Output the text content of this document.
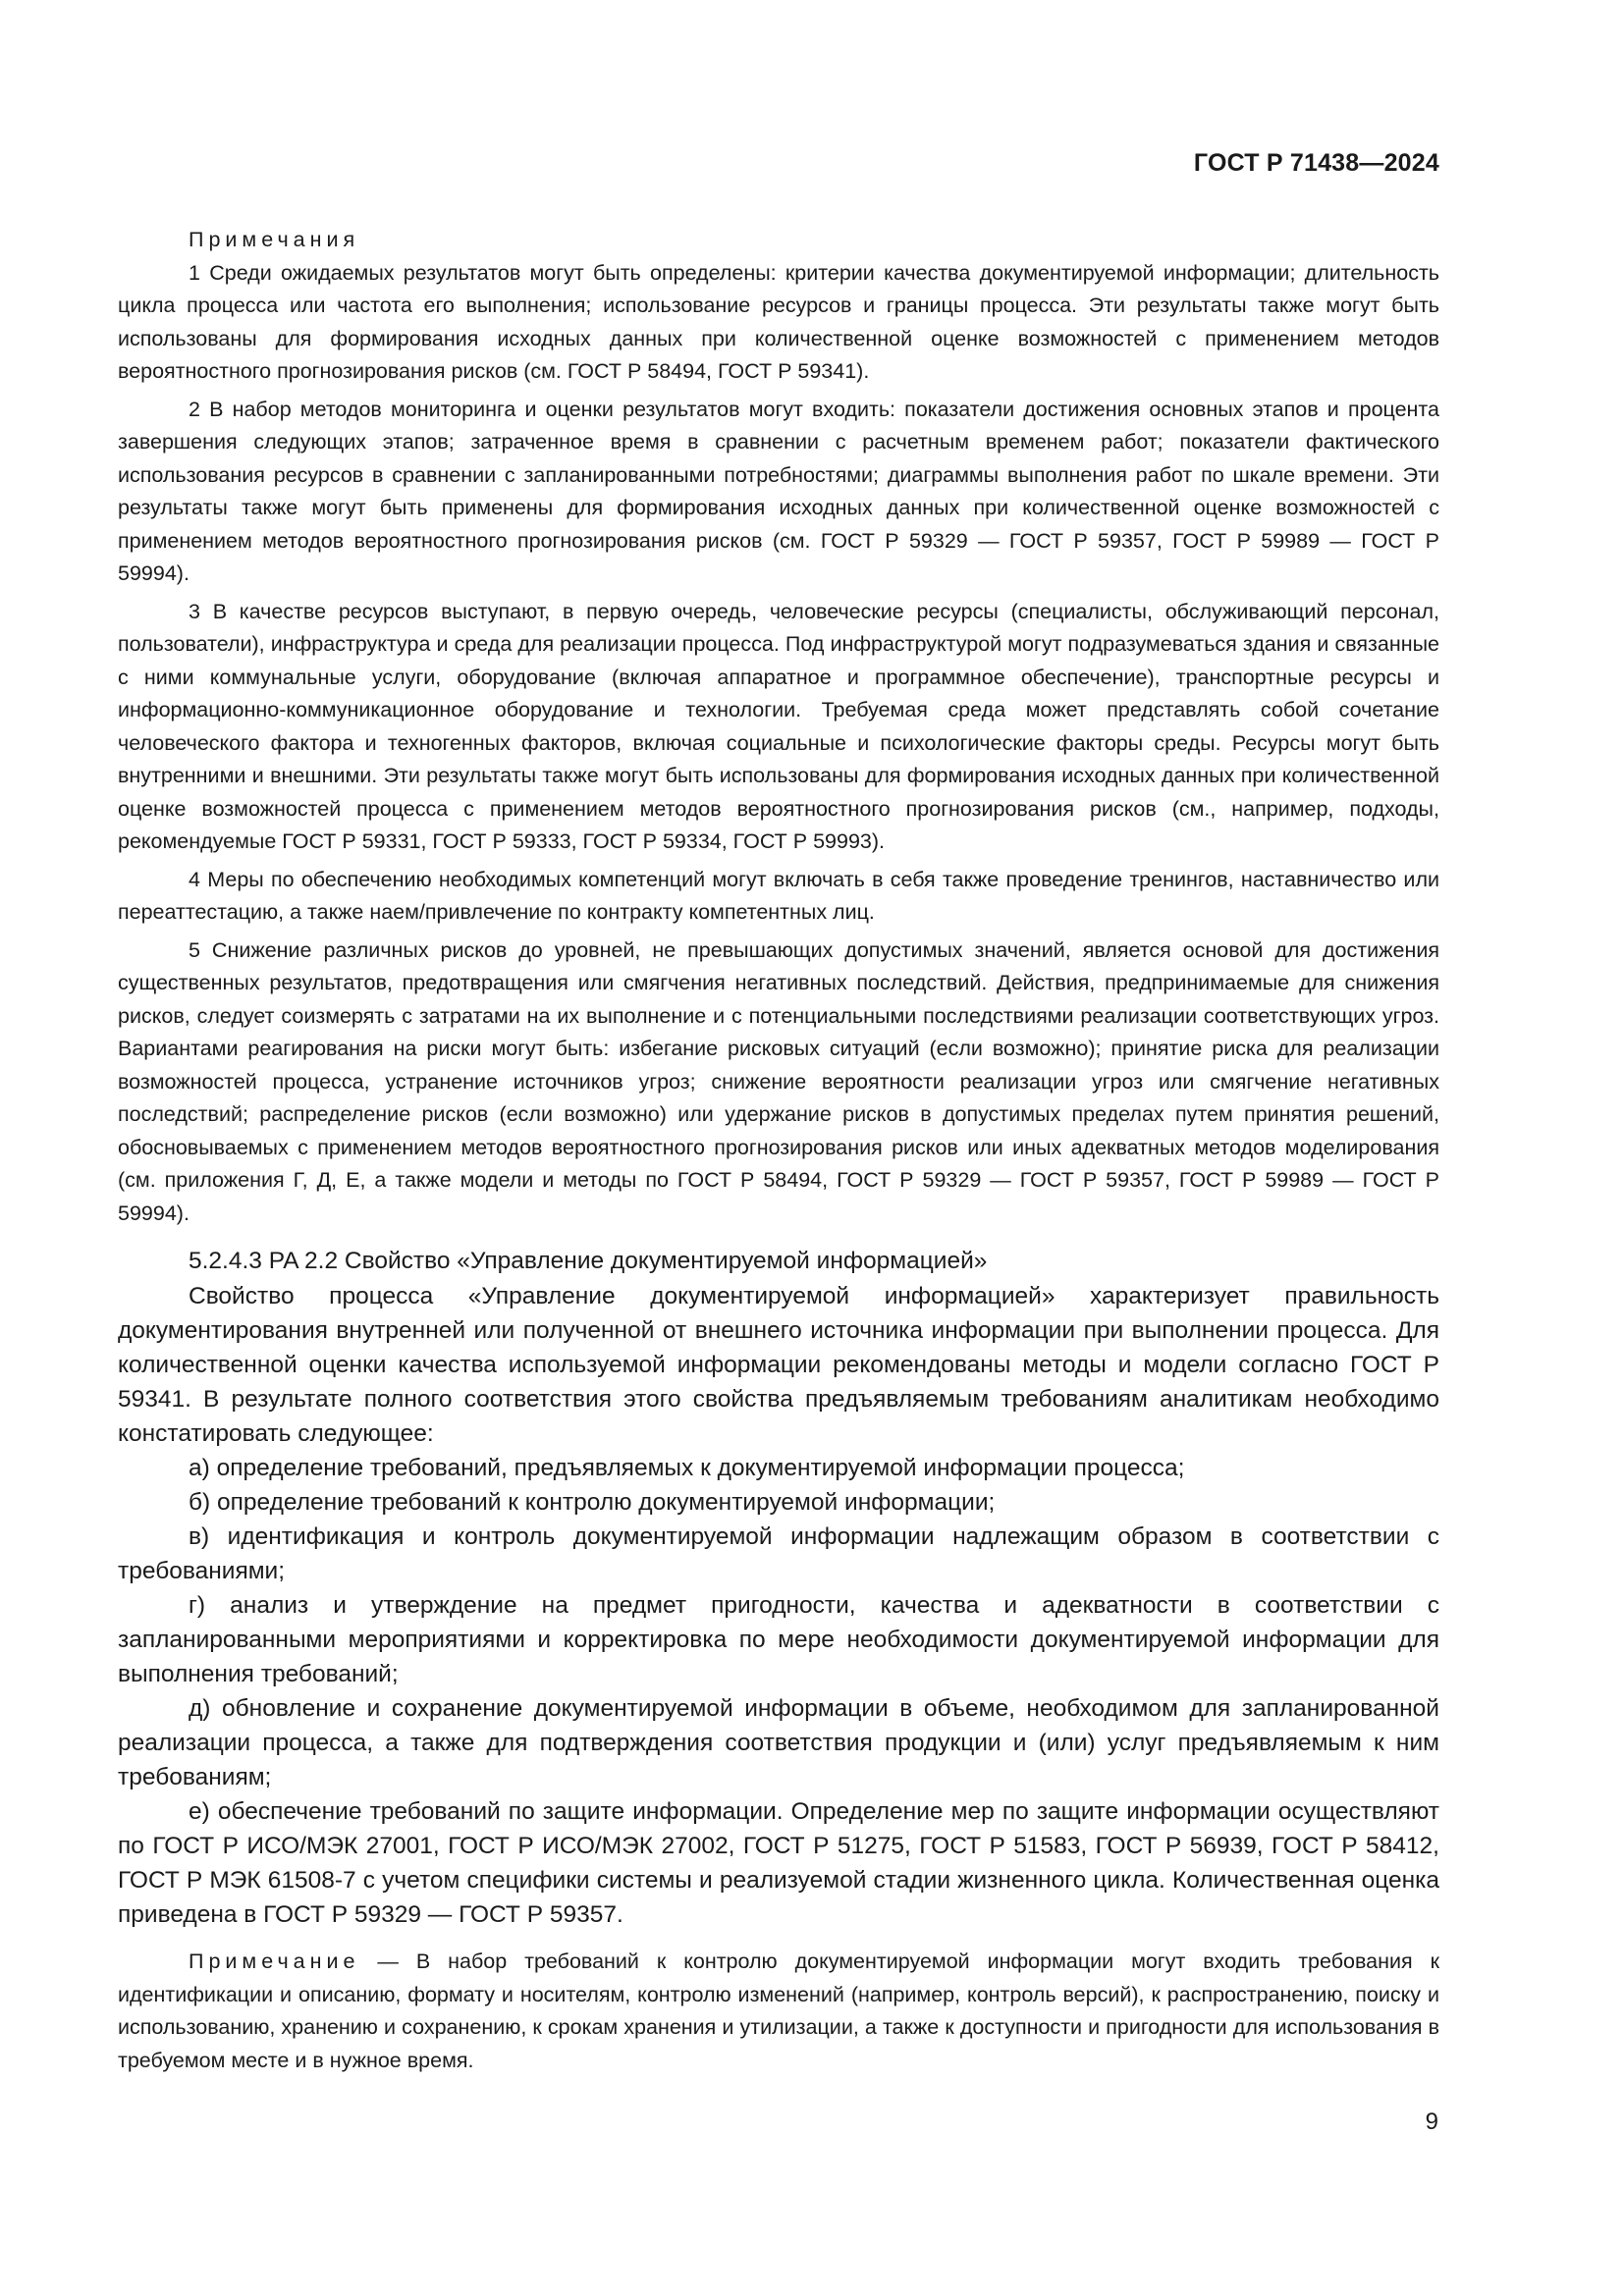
ГОСТ Р 71438—2024

Примечания

1 Среди ожидаемых результатов могут быть определены: критерии качества документируемой информации; длительность цикла процесса или частота его выполнения; использование ресурсов и границы процесса. Эти результаты также могут быть использованы для формирования исходных данных при количественной оценке возможностей с применением методов вероятностного прогнозирования рисков (см. ГОСТ Р 58494, ГОСТ Р 59341).

2 В набор методов мониторинга и оценки результатов могут входить: показатели достижения основных этапов и процента завершения следующих этапов; затраченное время в сравнении с расчетным временем работ; показатели фактического использования ресурсов в сравнении с запланированными потребностями; диаграммы выполнения работ по шкале времени. Эти результаты также могут быть применены для формирования исходных данных при количественной оценке возможностей с применением методов вероятностного прогнозирования рисков (см. ГОСТ Р 59329 — ГОСТ Р 59357, ГОСТ Р 59989 — ГОСТ Р 59994).

3 В качестве ресурсов выступают, в первую очередь, человеческие ресурсы (специалисты, обслуживающий персонал, пользователи), инфраструктура и среда для реализации процесса. Под инфраструктурой могут подразумеваться здания и связанные с ними коммунальные услуги, оборудование (включая аппаратное и программное обеспечение), транспортные ресурсы и информационно-коммуникационное оборудование и технологии. Требуемая среда может представлять собой сочетание человеческого фактора и техногенных факторов, включая социальные и психологические факторы среды. Ресурсы могут быть внутренними и внешними. Эти результаты также могут быть использованы для формирования исходных данных при количественной оценке возможностей процесса с применением методов вероятностного прогнозирования рисков (см., например, подходы, рекомендуемые ГОСТ Р 59331, ГОСТ Р 59333, ГОСТ Р 59334, ГОСТ Р 59993).

4 Меры по обеспечению необходимых компетенций могут включать в себя также проведение тренингов, наставничество или переаттестацию, а также наем/привлечение по контракту компетентных лиц.

5 Снижение различных рисков до уровней, не превышающих допустимых значений, является основой для достижения существенных результатов, предотвращения или смягчения негативных последствий. Действия, предпринимаемые для снижения рисков, следует соизмерять с затратами на их выполнение и с потенциальными последствиями реализации соответствующих угроз. Вариантами реагирования на риски могут быть: избегание рисковых ситуаций (если возможно); принятие риска для реализации возможностей процесса, устранение источников угроз; снижение вероятности реализации угроз или смягчение негативных последствий; распределение рисков (если возможно) или удержание рисков в допустимых пределах путем принятия решений, обосновываемых с применением методов вероятностного прогнозирования рисков или иных адекватных методов моделирования (см. приложения Г, Д, Е, а также модели и методы по ГОСТ Р 58494, ГОСТ Р 59329 — ГОСТ Р 59357, ГОСТ Р 59989 — ГОСТ Р 59994).

5.2.4.3 PA 2.2 Свойство «Управление документируемой информацией»

Свойство процесса «Управление документируемой информацией» характеризует правильность документирования внутренней или полученной от внешнего источника информации при выполнении процесса. Для количественной оценки качества используемой информации рекомендованы методы и модели согласно ГОСТ Р 59341. В результате полного соответствия этого свойства предъявляемым требованиям аналитикам необходимо констатировать следующее:

а) определение требований, предъявляемых к документируемой информации процесса;

б) определение требований к контролю документируемой информации;

в) идентификация и контроль документируемой информации надлежащим образом в соответствии с требованиями;

г) анализ и утверждение на предмет пригодности, качества и адекватности в соответствии с запланированными мероприятиями и корректировка по мере необходимости документируемой информации для выполнения требований;

д) обновление и сохранение документируемой информации в объеме, необходимом для запланированной реализации процесса, а также для подтверждения соответствия продукции и (или) услуг предъявляемым к ним требованиям;

е) обеспечение требований по защите информации. Определение мер по защите информации осуществляют по ГОСТ Р ИСО/МЭК 27001, ГОСТ Р ИСО/МЭК 27002, ГОСТ Р 51275, ГОСТ Р 51583, ГОСТ Р 56939, ГОСТ Р 58412, ГОСТ Р МЭК 61508-7 с учетом специфики системы и реализуемой стадии жизненного цикла. Количественная оценка приведена в ГОСТ Р 59329 — ГОСТ Р 59357.

Примечание — В набор требований к контролю документируемой информации могут входить требования к идентификации и описанию, формату и носителям, контролю изменений (например, контроль версий), к распространению, поиску и использованию, хранению и сохранению, к срокам хранения и утилизации, а также к доступности и пригодности для использования в требуемом месте и в нужное время.

9
